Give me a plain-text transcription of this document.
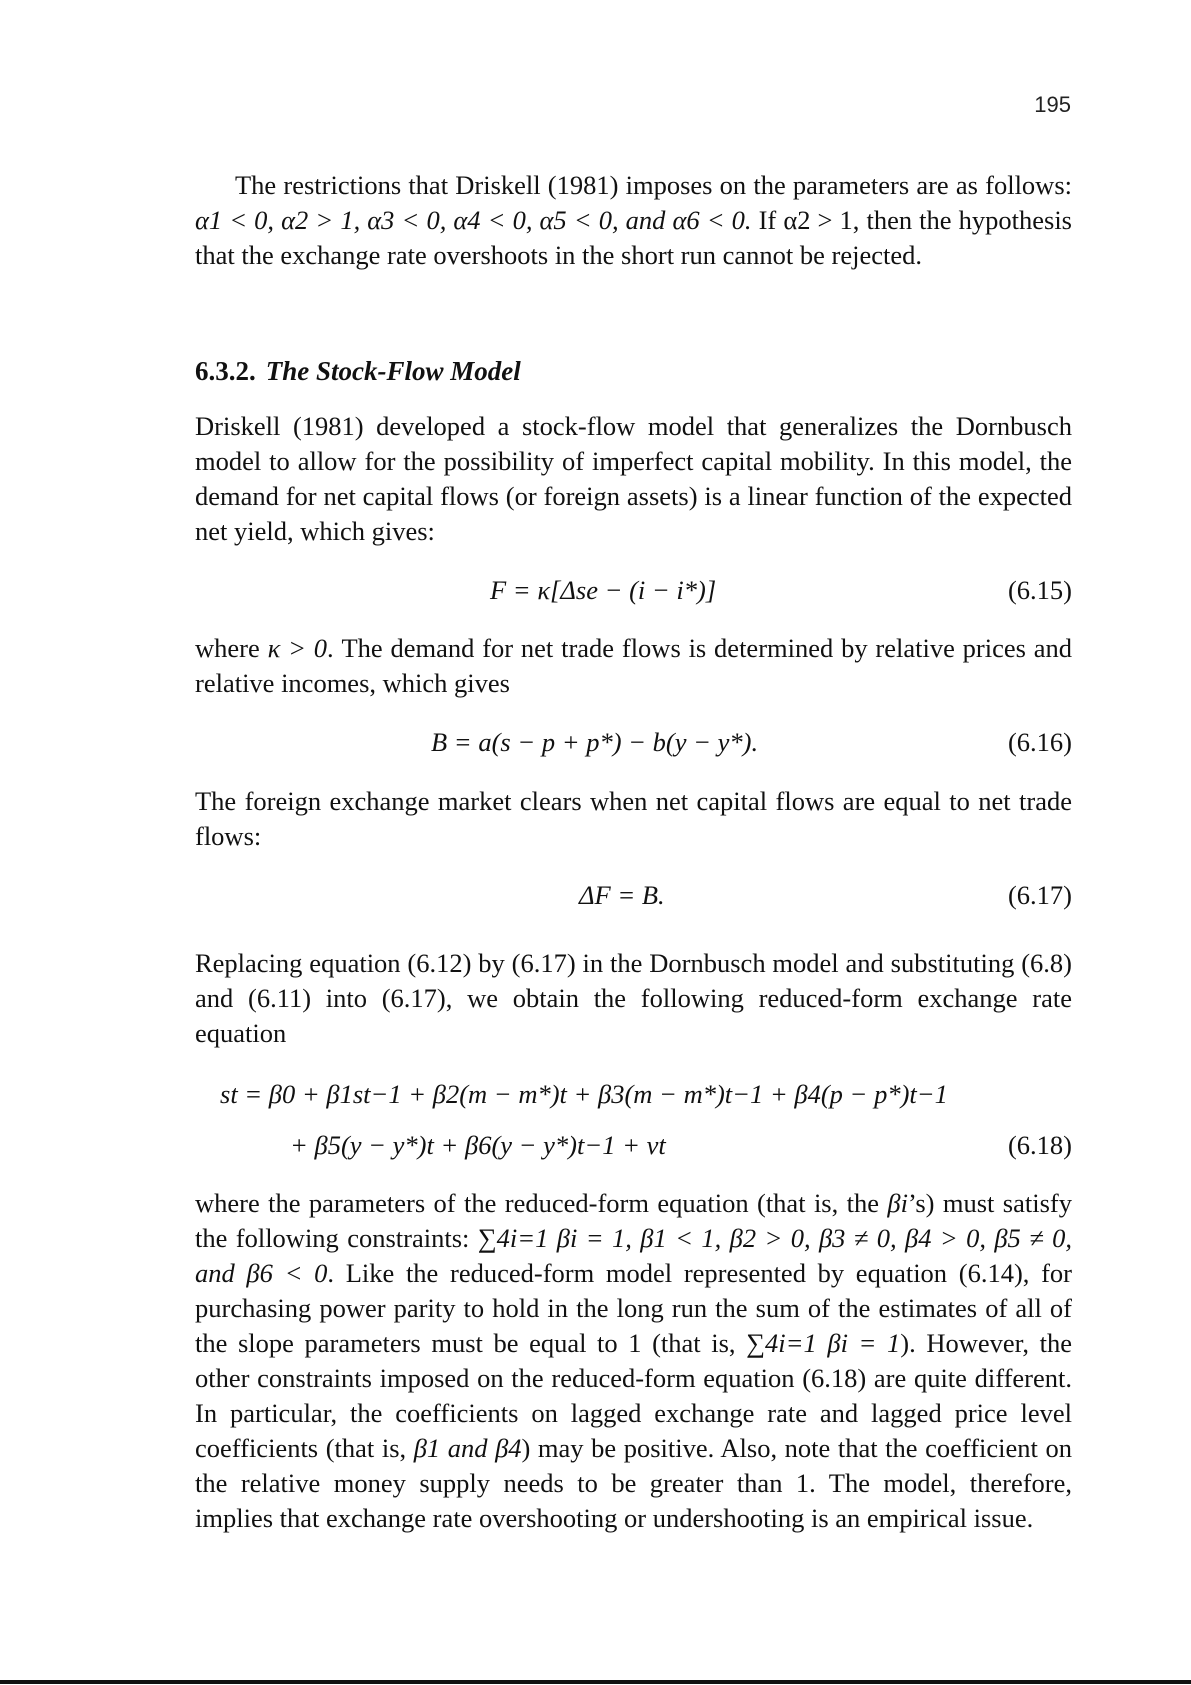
195

The restrictions that Driskell (1981) imposes on the parameters are as follows: α1 < 0, α2 > 1, α3 < 0, α4 < 0, α5 < 0, and α6 < 0. If α2 > 1, then the hypothesis that the exchange rate overshoots in the short run cannot be rejected.

6.3.2. The Stock-Flow Model

Driskell (1981) developed a stock-flow model that generalizes the Dornbusch model to allow for the possibility of imperfect capital mobility. In this model, the demand for net capital flows (or foreign assets) is a linear function of the expected net yield, which gives:

F = κ[Δse − (i − i*)]	(6.15)

where κ > 0. The demand for net trade flows is determined by relative prices and relative incomes, which gives

B = a(s − p + p*) − b(y − y*).	(6.16)

The foreign exchange market clears when net capital flows are equal to net trade flows:

ΔF = B.	(6.17)

Replacing equation (6.12) by (6.17) in the Dornbusch model and substituting (6.8) and (6.11) into (6.17), we obtain the following reduced-form exchange rate equation

st = β0 + β1st−1 + β2(m − m*)t + β3(m − m*)t−1 + β4(p − p*)t−1
+ β5(y − y*)t + β6(y − y*)t−1 + vt	(6.18)

where the parameters of the reduced-form equation (that is, the βi’s) must satisfy the following constraints: ∑4i=1 βi = 1, β1 < 1, β2 > 0, β3 ≠ 0, β4 > 0, β5 ≠ 0, and β6 < 0. Like the reduced-form model represented by equation (6.14), for purchasing power parity to hold in the long run the sum of the estimates of all of the slope parameters must be equal to 1 (that is, ∑4i=1 βi = 1). However, the other constraints imposed on the reduced-form equation (6.18) are quite different. In particular, the coefficients on lagged exchange rate and lagged price level coefficients (that is, β1 and β4) may be positive. Also, note that the coefficient on the relative money supply needs to be greater than 1. The model, therefore, implies that exchange rate overshooting or undershooting is an empirical issue.
